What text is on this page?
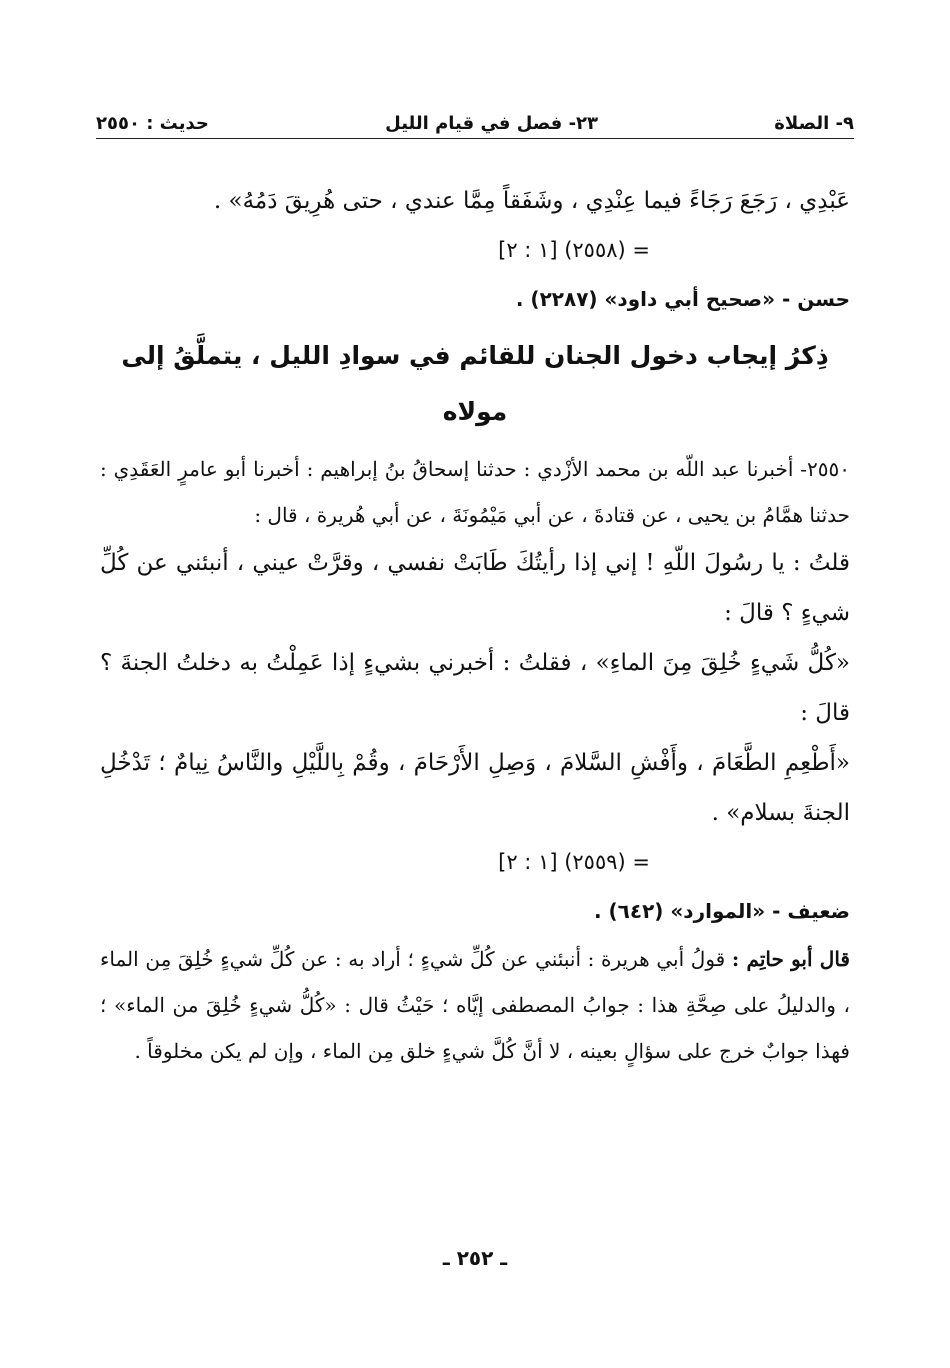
٩- الصلاة
٢٣- فصل في قيام الليل
حديث : ٢٥٥٠

عَبْدِي ، رَجَعَ رَجَاءً فيما عِنْدِي ، وشَفَقاً مِمَّا عندي ، حتى هُرِيقَ دَمُهُ» .

= (٢٥٥٨) [١ : ٢]
حسن - «صحيح أبي داود» (٢٢٨٧) .
ذِكرُ إيجاب دخول الجنان للقائم في سوادِ الليل ، يتملَّقُ إلى
مولاه

٢٥٥٠- أخبرنا عبد اللّه بن محمد الأزْدي : حدثنا إسحاقُ بنُ إبراهيم : أخبرنا أبو عامرٍ العَقَدِي : حدثنا همَّامُ بن يحيى ، عن قتادةَ ، عن أبي مَيْمُونَةَ ، عن أبي هُريرة ، قال :

قلتُ : يا رسُولَ اللّهِ ! إني إذا رأيتُكَ طَابَتْ نفسي ، وقرَّتْ عيني ، أنبئني عن كُلِّ شيءٍ ؟ قالَ :

«كُلُّ شَيءٍ خُلِقَ مِنَ الماءِ» ، فقلتُ : أخبرني بشيءٍ إذا عَمِلْتُ به دخلتُ الجنةَ ؟ قالَ :

«أَطْعِمِ الطَّعَامَ ، وأَفْشِ السَّلامَ ، وَصِلِ الأَرْحَامَ ، وقُمْ بِاللَّيْلِ والنَّاسُ نِيامٌ ؛ تَدْخُلِ الجنةَ بسلام» .

= (٢٥٥٩) [١ : ٢]
ضعيف - «الموارد» (٦٤٢) .

قال أبو حاتِم : قولُ أبي هريرة : أنبئني عن كُلِّ شيءٍ ؛ أراد به : عن كُلِّ شيءٍ خُلِقَ مِن الماء ، والدليلُ على صِحَّةِ هذا : جوابُ المصطفى إيَّاه ؛ حَيْثُ قال : «كُلُّ شيءٍ خُلِقَ من الماء» ؛ فهذا جوابٌ خرج على سؤالٍ بعينه ، لا أنَّ كُلَّ شيءٍ خلق مِن الماء ، وإن لم يكن مخلوقاً .

ـ ٢٥٢ ـ
